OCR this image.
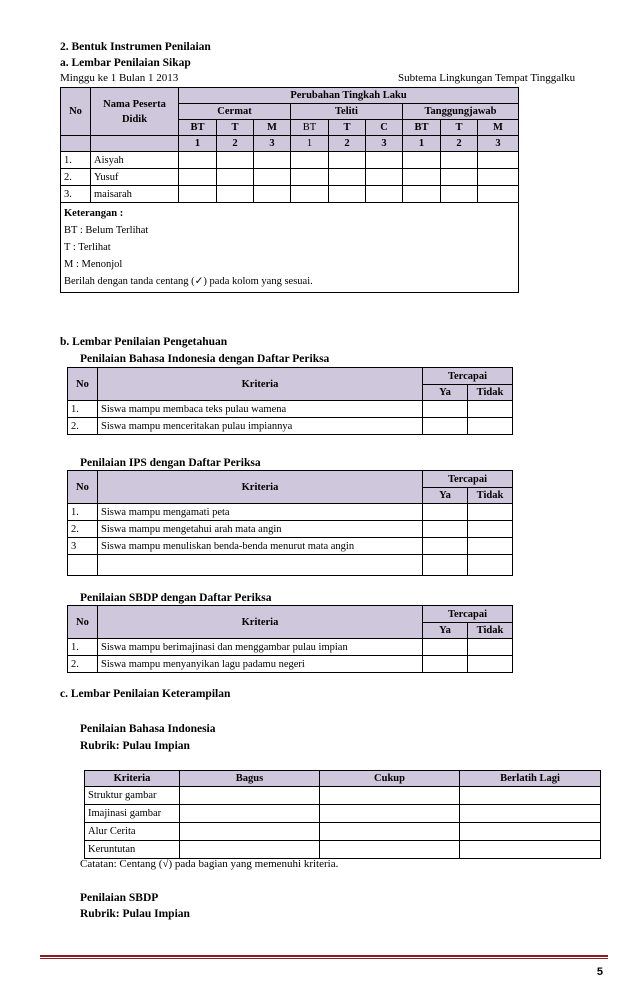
2. Bentuk Instrumen Penilaian
a. Lembar Penilaian Sikap
Minggu ke 1 Bulan 1 2013	Subtema Lingkungan Tempat Tinggalku
No	Nama Peserta Didik	Perubahan Tingkah Laku								
		Cermat			Teliti			Tanggungjawab		
		BT	T	M	BT	T	C	BT	T	M
		1	2	3	1	2	3	1	2	3
1.	Aisyah									
2.	Yusuf									
3.	maisarah									

Keterangan :
BT : Belum Terlihat
T : Terlihat
M : Menonjol
Berilah dengan tanda centang (✓) pada kolom yang sesuai.										
b. Lembar Penilaian Pengetahuan
Penilaian Bahasa Indonesia dengan Daftar Periksa
No	Kriteria	Tercapai	
		Ya	Tidak
1.	Siswa mampu membaca teks pulau wamena		
2.	Siswa mampu menceritakan pulau impiannya		
Penilaian IPS dengan Daftar Periksa
No	Kriteria	Tercapai	
		Ya	Tidak
1.	Siswa mampu mengamati peta		
2.	Siswa mampu mengetahui arah mata angin		
3	Siswa mampu menuliskan benda-benda menurut mata angin		

Penilaian SBDP dengan Daftar Periksa
No	Kriteria	Tercapai	
		Ya	Tidak
1.	Siswa mampu berimajinasi dan menggambar pulau impian		
2.	Siswa mampu menyanyikan lagu padamu negeri		
c. Lembar Penilaian Keterampilan
Penilaian Bahasa Indonesia
Rubrik: Pulau Impian
Kriteria	Bagus	Cukup	Berlatih Lagi
Struktur gambar			
Imajinasi gambar			
Alur Cerita			
Keruntutan			
Catatan: Centang (√) pada bagian yang memenuhi kriteria.
Penilaian SBDP
Rubrik: Pulau Impian
5
